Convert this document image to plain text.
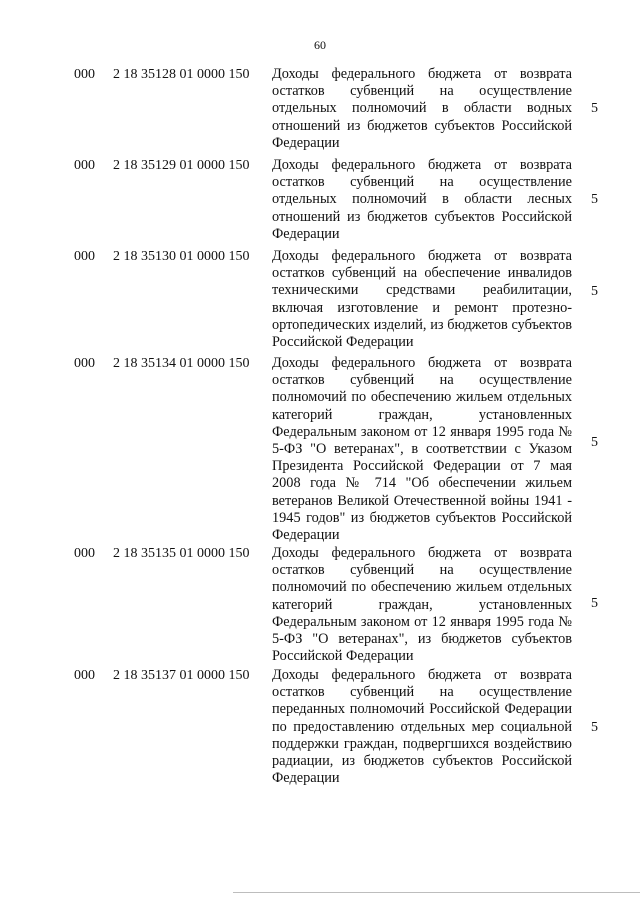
60
000 2 18 35128 01 0000 150 Доходы федерального бюджета от возврата остатков субвенций на осуществление отдельных полномочий в области водных отношений из бюджетов субъектов Российской Федерации
5
000 2 18 35129 01 0000 150 Доходы федерального бюджета от возврата остатков субвенций на осуществление отдельных полномочий в области лесных отношений из бюджетов субъектов Российской Федерации
5
000 2 18 35130 01 0000 150 Доходы федерального бюджета от возврата остатков субвенций на обеспечение инвалидов техническими средствами реабилитации, включая изготовление и ремонт протезно-ортопедических изделий, из бюджетов субъектов Российской Федерации
5
000 2 18 35134 01 0000 150 Доходы федерального бюджета от возврата остатков субвенций на осуществление полномочий по обеспечению жильем отдельных категорий граждан, установленных Федеральным законом от 12 января 1995 года № 5-ФЗ "О ветеранах", в соответствии с Указом Президента Российской Федерации от 7 мая 2008 года № 714 "Об обеспечении жильем ветеранов Великой Отечественной войны 1941 - 1945 годов" из бюджетов субъектов Российской Федерации
5
000 2 18 35135 01 0000 150 Доходы федерального бюджета от возврата остатков субвенций на осуществление полномочий по обеспечению жильем отдельных категорий граждан, установленных Федеральным законом от 12 января 1995 года № 5-ФЗ "О ветеранах", из бюджетов субъектов Российской Федерации
5
000 2 18 35137 01 0000 150 Доходы федерального бюджета от возврата остатков субвенций на осуществление переданных полномочий Российской Федерации по предоставлению отдельных мер социальной поддержки граждан, подвергшихся воздействию радиации, из бюджетов субъектов Российской Федерации
5
